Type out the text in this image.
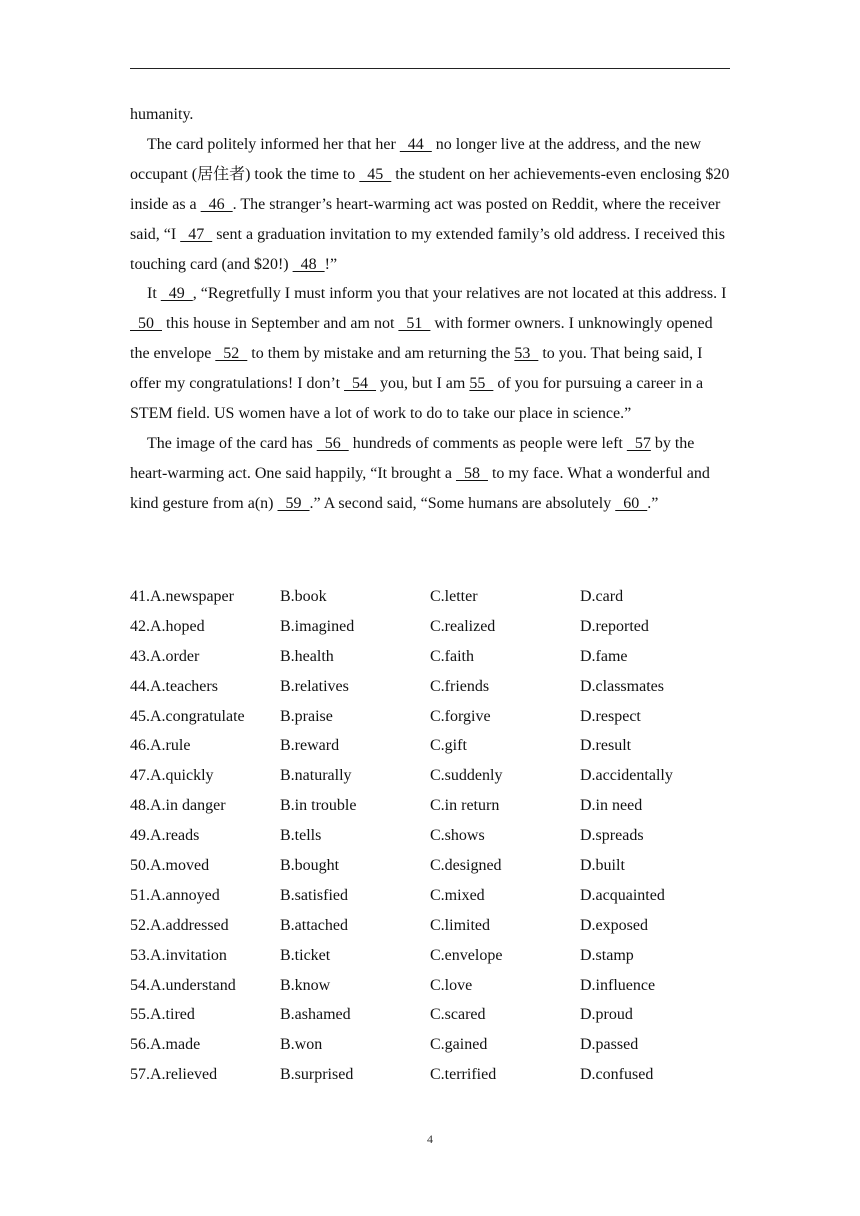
humanity.

The card politely informed her that her   44   no longer live at the address, and the new occupant (居住者) took the time to   45   the student on her achievements-even enclosing $20 inside as a   46  . The stranger’s heart-warming act was posted on Reddit, where the receiver said, “I   47   sent a graduation invitation to my extended family’s old address. I received this touching card (and $20!)   48  !”

It   49  , “Regretfully I must inform you that your relatives are not located at this address. I   50   this house in September and am not   51   with former owners. I unknowingly opened the envelope   52   to them by mistake and am returning the 53   to you. That being said, I offer my congratulations! I don’t   54   you, but I am 55   of you for pursuing a career in a STEM field. US women have a lot of work to do to take our place in science.”

The image of the card has   56   hundreds of comments as people were left   57 by the heart-warming act. One said happily, “It brought a   58   to my face. What a wonderful and kind gesture from a(n)   59  .” A second said, “Some humans are absolutely   60  .”

41.A.newspaper	B.book	C.letter	D.card
42.A.hoped	B.imagined	C.realized	D.reported
43.A.order	B.health	C.faith	D.fame
44.A.teachers	B.relatives	C.friends	D.classmates
45.A.congratulate	B.praise	C.forgive	D.respect
46.A.rule	B.reward	C.gift	D.result
47.A.quickly	B.naturally	C.suddenly	D.accidentally
48.A.in danger	B.in trouble	C.in return	D.in need
49.A.reads	B.tells	C.shows	D.spreads
50.A.moved	B.bought	C.designed	D.built
51.A.annoyed	B.satisfied	C.mixed	D.acquainted
52.A.addressed	B.attached	C.limited	D.exposed
53.A.invitation	B.ticket	C.envelope	D.stamp
54.A.understand	B.know	C.love	D.influence
55.A.tired	B.ashamed	C.scared	D.proud
56.A.made	B.won	C.gained	D.passed
57.A.relieved	B.surprised	C.terrified	D.confused
4
